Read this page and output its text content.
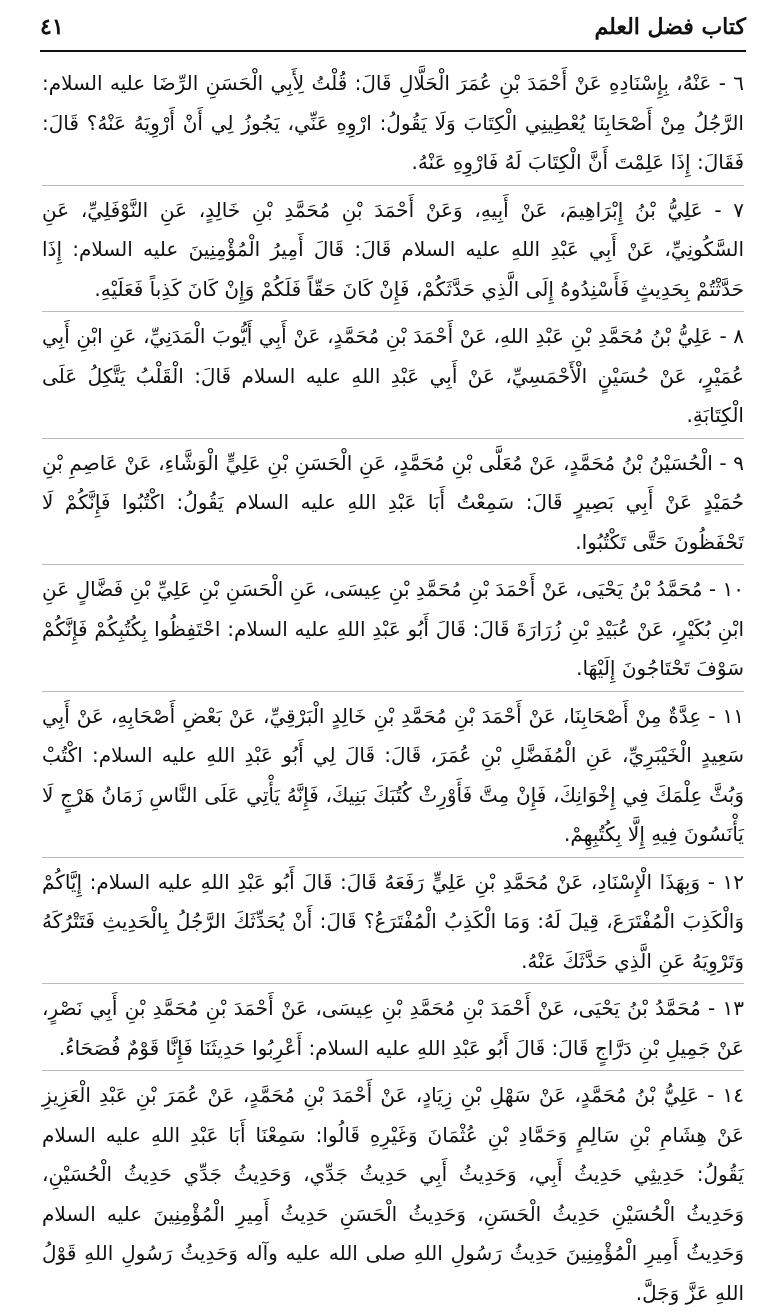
كتاب فضل العلم
٤١

٦ - عَنْهُ، بِإِسْنَادِهِ عَنْ أَحْمَدَ بْنِ عُمَرَ الْحَلَّالِ قَالَ: قُلْتُ لِأَبِي الْحَسَنِ الرِّضَا عليه السلام: الرَّجُلُ مِنْ أَصْحَابِنَا يُعْطِينِي الْكِتَابَ وَلَا يَقُولُ: ارْوِهِ عَنِّي، يَجُوزُ لِي أَنْ أَرْوِيَهُ عَنْهُ؟ قَالَ: فَقَالَ: إِذَا عَلِمْتَ أَنَّ الْكِتَابَ لَهُ فَارْوِهِ عَنْهُ.

٧ - عَلِيُّ بْنُ إِبْرَاهِيمَ، عَنْ أَبِيهِ، وَعَنْ أَحْمَدَ بْنِ مُحَمَّدِ بْنِ خَالِدٍ، عَنِ النَّوْفَلِيِّ، عَنِ السَّكُونِيِّ، عَنْ أَبِي عَبْدِ اللهِ عليه السلام قَالَ: قَالَ أَمِيرُ الْمُؤْمِنِينَ عليه السلام: إِذَا حَدَّثْتُمْ بِحَدِيثٍ فَأَسْنِدُوهُ إِلَى الَّذِي حَدَّثَكُمْ، فَإِنْ كَانَ حَقّاً فَلَكُمْ وَإِنْ كَانَ كَذِباً فَعَلَيْهِ.

٨ - عَلِيُّ بْنُ مُحَمَّدِ بْنِ عَبْدِ اللهِ، عَنْ أَحْمَدَ بْنِ مُحَمَّدٍ، عَنْ أَبِي أَيُّوبَ الْمَدَنِيِّ، عَنِ ابْنِ أَبِي عُمَيْرٍ، عَنْ حُسَيْنٍ الْأَحْمَسِيِّ، عَنْ أَبِي عَبْدِ اللهِ عليه السلام قَالَ: الْقَلْبُ يَتَّكِلُ عَلَى الْكِتَابَةِ.

٩ - الْحُسَيْنُ بْنُ مُحَمَّدٍ، عَنْ مُعَلَّى بْنِ مُحَمَّدٍ، عَنِ الْحَسَنِ بْنِ عَلِيٍّ الْوَشَّاءِ، عَنْ عَاصِمِ بْنِ حُمَيْدٍ عَنْ أَبِي بَصِيرٍ قَالَ: سَمِعْتُ أَبَا عَبْدِ اللهِ عليه السلام يَقُولُ: اكْتُبُوا فَإِنَّكُمْ لَا تَحْفَظُونَ حَتَّى تَكْتُبُوا.

١٠ - مُحَمَّدُ بْنُ يَحْيَى، عَنْ أَحْمَدَ بْنِ مُحَمَّدِ بْنِ عِيسَى، عَنِ الْحَسَنِ بْنِ عَلِيِّ بْنِ فَضَّالٍ عَنِ ابْنِ بُكَيْرٍ، عَنْ عُبَيْدِ بْنِ زُرَارَةَ قَالَ: قَالَ أَبُو عَبْدِ اللهِ عليه السلام: احْتَفِظُوا بِكُتُبِكُمْ فَإِنَّكُمْ سَوْفَ تَحْتَاجُونَ إِلَيْهَا.

١١ - عِدَّةٌ مِنْ أَصْحَابِنَا، عَنْ أَحْمَدَ بْنِ مُحَمَّدِ بْنِ خَالِدٍ الْبَرْقِيِّ، عَنْ بَعْضِ أَصْحَابِهِ، عَنْ أَبِي سَعِيدٍ الْخَيْبَرِيِّ، عَنِ الْمُفَضَّلِ بْنِ عُمَرَ، قَالَ: قَالَ لِي أَبُو عَبْدِ اللهِ عليه السلام: اكْتُبْ وَبُثَّ عِلْمَكَ فِي إِخْوَانِكَ، فَإِنْ مِتَّ فَأَوْرِثْ كُتُبَكَ بَنِيكَ، فَإِنَّهُ يَأْتِي عَلَى النَّاسِ زَمَانُ هَرْجٍ لَا يَأْنَسُونَ فِيهِ إِلَّا بِكُتُبِهِمْ.

١٢ - وَبِهَذَا الْإِسْنَادِ، عَنْ مُحَمَّدِ بْنِ عَلِيٍّ رَفَعَهُ قَالَ: قَالَ أَبُو عَبْدِ اللهِ عليه السلام: إِيَّاكُمْ وَالْكَذِبَ الْمُفْتَرَعَ، قِيلَ لَهُ: وَمَا الْكَذِبُ الْمُفْتَرَعُ؟ قَالَ: أَنْ يُحَدِّثَكَ الرَّجُلُ بِالْحَدِيثِ فَتَتْرُكَهُ وَتَرْوِيَهُ عَنِ الَّذِي حَدَّثَكَ عَنْهُ.

١٣ - مُحَمَّدُ بْنُ يَحْيَى، عَنْ أَحْمَدَ بْنِ مُحَمَّدِ بْنِ عِيسَى، عَنْ أَحْمَدَ بْنِ مُحَمَّدِ بْنِ أَبِي نَصْرٍ، عَنْ جَمِيلِ بْنِ دَرَّاجٍ قَالَ: قَالَ أَبُو عَبْدِ اللهِ عليه السلام: أَعْرِبُوا حَدِيثَنَا فَإِنَّا قَوْمٌ فُصَحَاءُ.

١٤ - عَلِيُّ بْنُ مُحَمَّدٍ، عَنْ سَهْلِ بْنِ زِيَادٍ، عَنْ أَحْمَدَ بْنِ مُحَمَّدٍ، عَنْ عُمَرَ بْنِ عَبْدِ الْعَزِيزِ عَنْ هِشَامِ بْنِ سَالِمٍ وَحَمَّادِ بْنِ عُثْمَانَ وَغَيْرِهِ قَالُوا: سَمِعْنَا أَبَا عَبْدِ اللهِ عليه السلام يَقُولُ: حَدِيثِي حَدِيثُ أَبِي، وَحَدِيثُ أَبِي حَدِيثُ جَدِّي، وَحَدِيثُ جَدِّي حَدِيثُ الْحُسَيْنِ، وَحَدِيثُ الْحُسَيْنِ حَدِيثُ الْحَسَنِ، وَحَدِيثُ الْحَسَنِ حَدِيثُ أَمِيرِ الْمُؤْمِنِينَ عليه السلام وَحَدِيثُ أَمِيرِ الْمُؤْمِنِينَ حَدِيثُ رَسُولِ اللهِ صلى الله عليه وآله وَحَدِيثُ رَسُولِ اللهِ قَوْلُ اللهِ عَزَّ وَجَلَّ.
